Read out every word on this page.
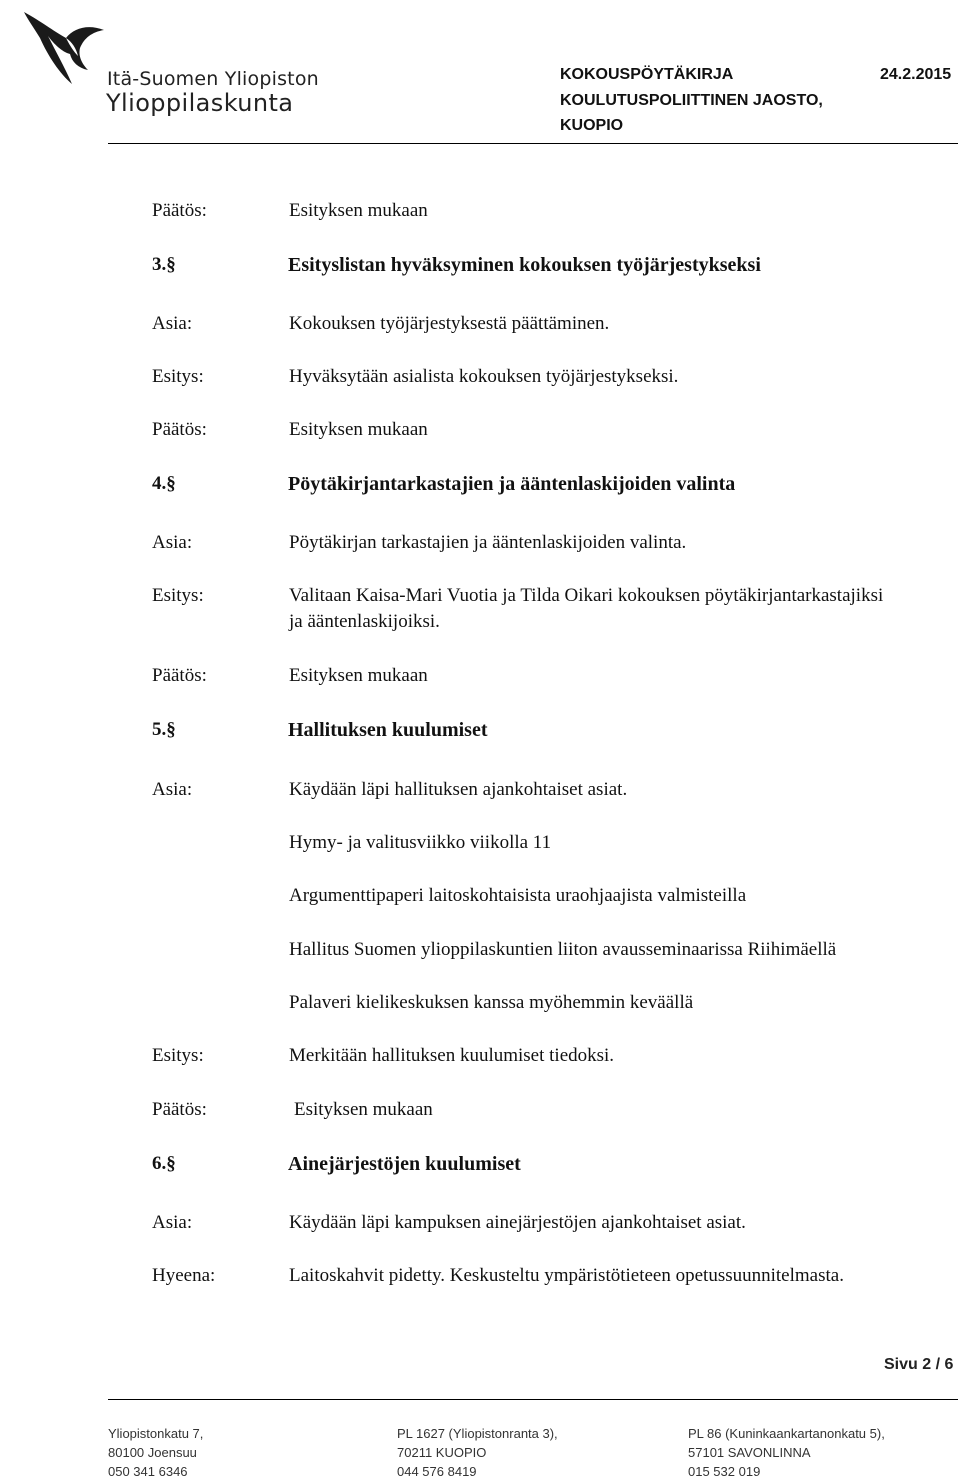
Itä-Suomen Yliopiston
Ylioppilaskunta
KOKOUSPÖYTÄKIRJA	24.2.2015
KOULUTUSPOLIITTINEN JAOSTO,
KUOPIO
Päätös:	Esityksen mukaan
3.§	Esityslistan hyväksyminen kokouksen työjärjestykseksi
Asia:	Kokouksen työjärjestyksestä päättäminen.
Esitys:	Hyväksytään asialista kokouksen työjärjestykseksi.
Päätös:	Esityksen mukaan
4.§	Pöytäkirjantarkastajien ja ääntenlaskijoiden valinta
Asia:	Pöytäkirjan tarkastajien ja ääntenlaskijoiden valinta.
Esitys:	Valitaan Kaisa-Mari Vuotia ja Tilda Oikari kokouksen pöytäkirjantarkastajiksi
ja ääntenlaskijoiksi.
Päätös:	Esityksen mukaan
5.§	Hallituksen kuulumiset
Asia:	Käydään läpi hallituksen ajankohtaiset asiat.
Hymy- ja valitusviikko viikolla 11
Argumenttipaperi laitoskohtaisista uraohjaajista valmisteilla
Hallitus Suomen ylioppilaskuntien liiton avausseminaarissa Riihimäellä
Palaveri kielikeskuksen kanssa myöhemmin keväällä
Esitys:	Merkitään hallituksen kuulumiset tiedoksi.
Päätös:	Esityksen mukaan
6.§	Ainejärjestöjen kuulumiset
Asia:	Käydään läpi kampuksen ainejärjestöjen ajankohtaiset asiat.
Hyeena:	Laitoskahvit pidetty. Keskusteltu ympäristötieteen opetussuunnitelmasta.
Sivu 2 / 6
Yliopistonkatu 7,
80100 Joensuu
050 341 6346
PL 1627 (Yliopistonranta 3),
70211 KUOPIO
044 576 8419
PL 86 (Kuninkaankartanonkatu 5),
57101 SAVONLINNA
015 532 019
